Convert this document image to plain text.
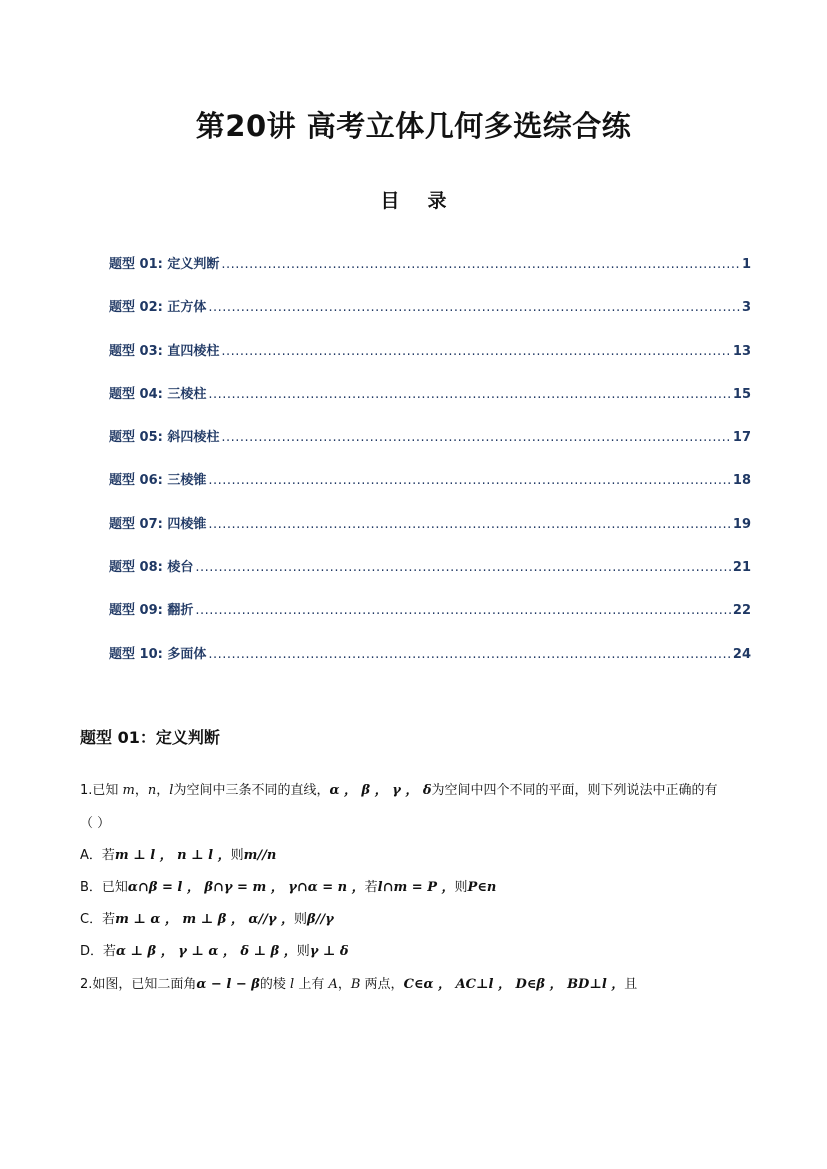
第20讲 高考立体几何多选综合练
目 录
题型 01: 定义判断 .....	1
题型 02: 正方体 .....	3
题型 03: 直四棱柱 .....	13
题型 04: 三棱柱 .....	15
题型 05: 斜四棱柱 .....	17
题型 06: 三棱锥 .....	18
题型 07: 四棱锥 .....	19
题型 08: 棱台 .....	21
题型 09: 翻折 .....	22
题型 10: 多面体 .....	24
题型 01：定义判断
1.已知 m，n，l为空间中三条不同的直线，α ， β ， γ ， δ为空间中四个不同的平面，则下列说法中正确的有
（ ）
A．若m ⊥ l ， n ⊥ l ，则m//n
B．已知α∩β = l ， β∩γ = m ， γ∩α = n ，若l∩m = P ，则P∈n
C．若m ⊥ α ， m ⊥ β ， α//γ ，则β//γ
D．若α ⊥ β ， γ ⊥ α ， δ ⊥ β ，则γ ⊥ δ
2.如图，已知二面角α − l − β的棱 l 上有 A，B 两点，C∈α ， AC⊥l ， D∈β ， BD⊥l ，且
